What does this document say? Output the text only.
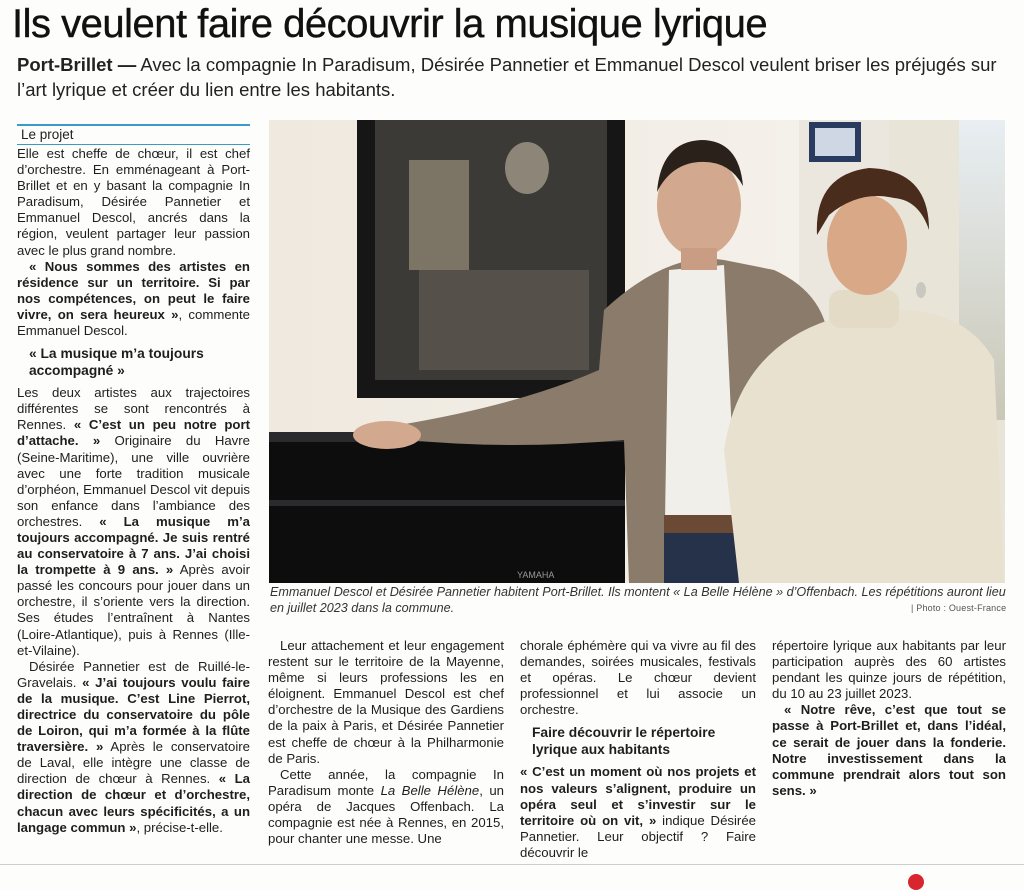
Ils veulent faire découvrir la musique lyrique

Port-Brillet — Avec la compagnie In Paradisum, Désirée Pannetier et Emmanuel Descol veulent briser les préjugés sur l’art lyrique et créer du lien entre les habitants.

Le projet

Elle est cheffe de chœur, il est chef d’orchestre. En emménageant à Port-Brillet et en y basant la compagnie In Paradisum, Désirée Pannetier et Emmanuel Descol, ancrés dans la région, veulent partager leur passion avec le plus grand nombre.

« Nous sommes des artistes en résidence sur un territoire. Si par nos compétences, on peut le faire vivre, on sera heureux », commente Emmanuel Descol.

« La musique m’a toujours accompagné »

Les deux artistes aux trajectoires différentes se sont rencontrés à Rennes. « C’est un peu notre port d’attache. » Originaire du Havre (Seine-Maritime), une ville ouvrière avec une forte tradition musicale d’orphéon, Emmanuel Descol vit depuis son enfance dans l’ambiance des orchestres. « La musique m’a toujours accompagné. Je suis rentré au conservatoire à 7 ans. J’ai choisi la trompette à 9 ans. » Après avoir passé les concours pour jouer dans un orchestre, il s’oriente vers la direction. Ses études l’entraînent à Nantes (Loire-Atlantique), puis à Rennes (Ille-et-Vilaine).

Désirée Pannetier est de Ruillé-le-Gravelais. « J’ai toujours voulu faire de la musique. C’est Line Pierrot, directrice du conservatoire du pôle de Loiron, qui m’a formée à la flûte traversière. » Après le conservatoire de Laval, elle intègre une classe de direction de chœur à Rennes. « La direction de chœur et d’orchestre, chacun avec leurs spécificités, a un langage commun », précise-t-elle.

YAMAHA
Emmanuel Descol et Désirée Pannetier habitent Port-Brillet. Ils montent « La Belle Hélène » d’Offenbach. Les répétitions auront lieu en juillet 2023 dans la commune.	| Photo : Ouest-France

Leur attachement et leur engagement restent sur le territoire de la Mayenne, même si leurs professions les en éloignent. Emmanuel Descol est chef d’orchestre de la Musique des Gardiens de la paix à Paris, et Désirée Pannetier est cheffe de chœur à la Philharmonie de Paris.

Cette année, la compagnie In Paradisum monte La Belle Hélène, un opéra de Jacques Offenbach. La compagnie est née à Rennes, en 2015, pour chanter une messe. Une

chorale éphémère qui va vivre au fil des demandes, soirées musicales, festivals et opéras. Le chœur devient professionnel et lui associe un orchestre.

Faire découvrir le répertoire lyrique aux habitants

« C’est un moment où nos projets et nos valeurs s’alignent, produire un opéra seul et s’investir sur le territoire où on vit, » indique Désirée Pannetier. Leur objectif ? Faire découvrir le

répertoire lyrique aux habitants par leur participation auprès des 60 artistes pendant les quinze jours de répétition, du 10 au 23 juillet 2023.

« Notre rêve, c’est que tout se passe à Port-Brillet et, dans l’idéal, ce serait de jouer dans la fonderie. Notre investissement dans la commune prendrait alors tout son sens. »
